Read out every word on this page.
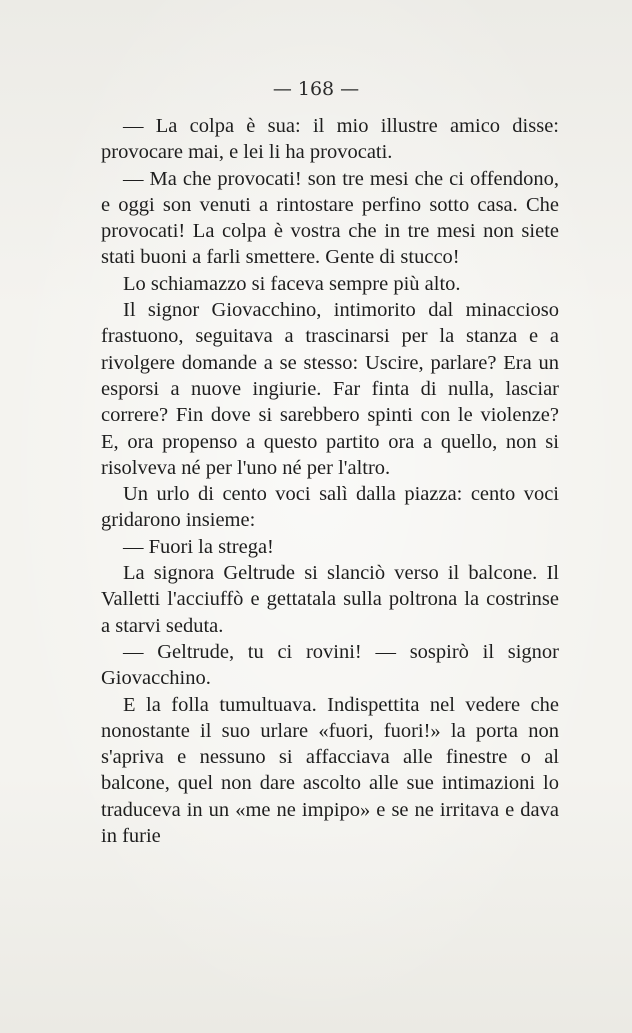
— 168 —

— La colpa è sua: il mio illustre amico disse: provocare mai, e lei li ha provocati.

— Ma che provocati! son tre mesi che ci offendono, e oggi son venuti a rintostare perfino sotto casa. Che provocati! La colpa è vostra che in tre mesi non siete stati buoni a farli smettere. Gente di stucco!

Lo schiamazzo si faceva sempre più alto.

Il signor Giovacchino, intimorito dal minaccioso frastuono, seguitava a trascinarsi per la stanza e a rivolgere domande a se stesso: Uscire, parlare? Era un esporsi a nuove ingiurie. Far finta di nulla, lasciar correre? Fin dove si sarebbero spinti con le violenze? E, ora propenso a questo partito ora a quello, non si risolveva né per l'uno né per l'altro.

Un urlo di cento voci salì dalla piazza: cento voci gridarono insieme:

— Fuori la strega!

La signora Geltrude si slanciò verso il balcone. Il Valletti l'acciuffò e gettatala sulla poltrona la costrinse a starvi seduta.

— Geltrude, tu ci rovini! — sospirò il signor Giovacchino.

E la folla tumultuava. Indispettita nel vedere che nonostante il suo urlare «fuori, fuori!» la porta non s'apriva e nessuno si affacciava alle finestre o al balcone, quel non dare ascolto alle sue intimazioni lo traduceva in un «me ne impipo» e se ne irritava e dava in furie
